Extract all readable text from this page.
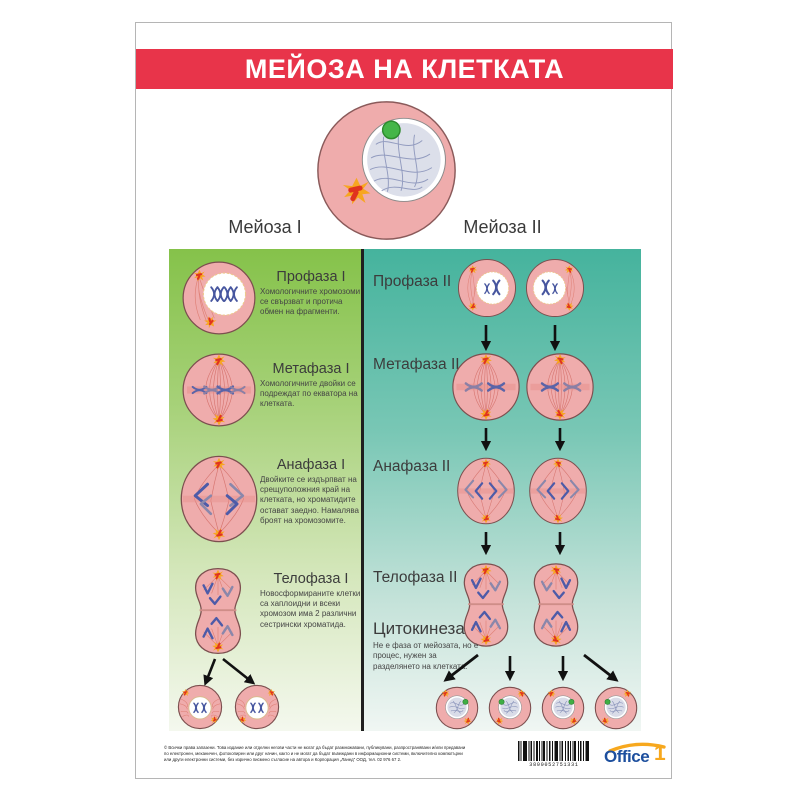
МЕЙОЗА НА КЛЕТКАТА
Мейоза I	Мейоза II
Профаза I
Хомологичните хромозоми се свързват и протича обмен на фрагменти.
Метафаза I
Хомологичните двойки се подреждат по екватора на клетката.
Анафаза I
Двойките се издърпват на срещуположния край на клетката, но хроматидите остават заедно. Намалява броят на хромозомите.
Телофаза I
Новосформираните клетки са хаплоидни и всеки хромозом има 2 различни сестрински хроматида.
Профаза II
Метафаза II
Анафаза II
Телофаза II
Цитокинеза
Не е фаза от мейозата, но е процес, нужен за разделянето на клетката.
© Всички права запазени. Това издание или отделни негови части не могат да бъдат размножавани, публикувани, разпространявани и/или предавани по електронен, механичен, фотокопирен или друг начин, както и не могат да бъдат въвеждани в информационни системи, включително компютърни или други електронни системи, без изрично писмено съгласие на автора и Корпорация „Ланед“ ООД, тел. 02 976 67 2.
3800052751331	Office 1
